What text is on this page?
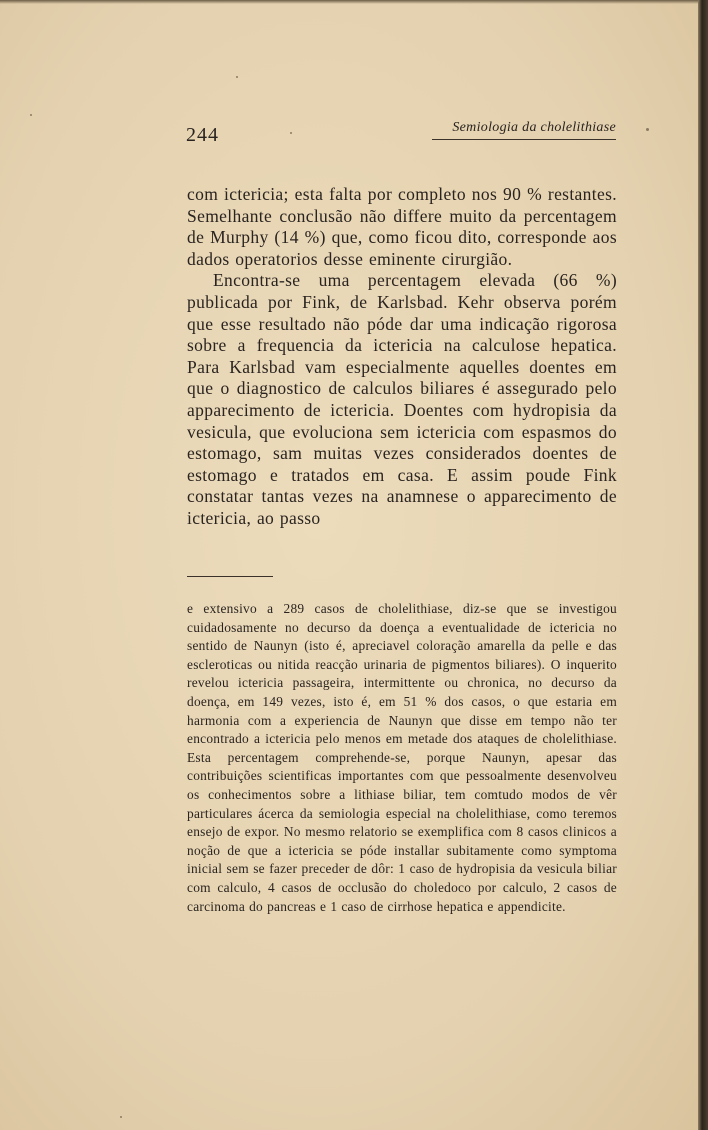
244	Semiologia da cholelithiase

com ictericia; esta falta por completo nos 90 % restantes. Semelhante conclusão não differe muito da percentagem de Murphy (14 %) que, como ficou dito, corresponde aos dados operatorios desse eminente cirurgião.

Encontra-se uma percentagem elevada (66 %) publicada por Fink, de Karlsbad. Kehr observa porém que esse resultado não póde dar uma indicação rigorosa sobre a frequencia da ictericia na calculose hepatica. Para Karlsbad vam especialmente aquelles doentes em que o diagnostico de calculos biliares é assegurado pelo apparecimento de ictericia. Doentes com hydropisia da vesicula, que evoluciona sem ictericia com espasmos do estomago, sam muitas vezes considerados doentes de estomago e tratados em casa. E assim poude Fink constatar tantas vezes na anamnese o apparecimento de ictericia, ao passo

e extensivo a 289 casos de cholelithiase, diz-se que se investigou cuidadosamente no decurso da doença a eventualidade de ictericia no sentido de Naunyn (isto é, apreciavel coloração amarella da pelle e das escleroticas ou nitida reacção urinaria de pigmentos biliares). O inquerito revelou ictericia passageira, intermittente ou chronica, no decurso da doença, em 149 vezes, isto é, em 51 % dos casos, o que estaria em harmonia com a experiencia de Naunyn que disse em tempo não ter encontrado a ictericia pelo menos em metade dos ataques de cholelithiase. Esta percentagem comprehende-se, porque Naunyn, apesar das contribuições scientificas importantes com que pessoalmente desenvolveu os conhecimentos sobre a lithiase biliar, tem comtudo modos de vêr particulares ácerca da semiologia especial na cholelithiase, como teremos ensejo de expor. No mesmo relatorio se exemplifica com 8 casos clinicos a noção de que a ictericia se póde installar subitamente como symptoma inicial sem se fazer preceder de dôr: 1 caso de hydropisia da vesicula biliar com calculo, 4 casos de occlusão do choledoco por calculo, 2 casos de carcinoma do pancreas e 1 caso de cirrhose hepatica e appendicite.
